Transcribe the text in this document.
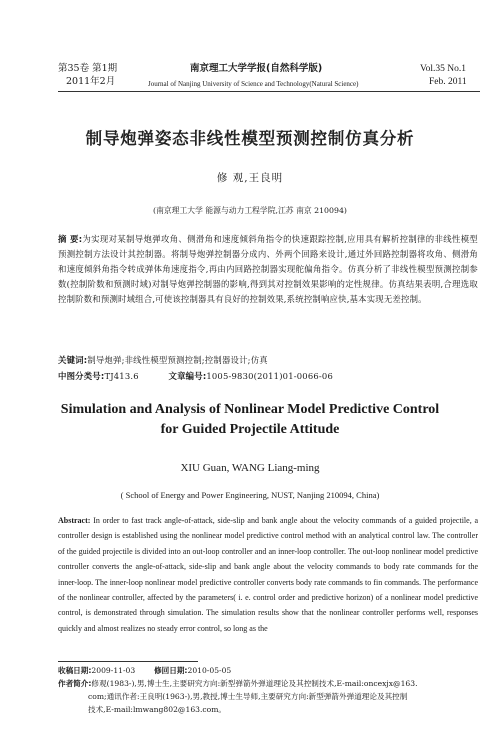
第35卷 第1期
2011年2月
南京理工大学学报(自然科学版)
Journal of Nanjing University of Science and Technology(Natural Science)
Vol.35 No.1
Feb. 2011
制导炮弹姿态非线性模型预测控制仿真分析
修 观,王良明
(南京理工大学 能源与动力工程学院,江苏 南京 210094)
摘 要:为实现对某制导炮弹攻角、侧滑角和速度倾斜角指令的快速跟踪控制,应用具有解析控制律的非线性模型预测控制方法设计其控制器。将制导炮弹控制器分成内、外两个回路来设计,通过外回路控制器将攻角、侧滑角和速度倾斜角指令转成弹体角速度指令,再由内回路控制器实现舵偏角指令。仿真分析了非线性模型预测控制参数(控制阶数和预测时域)对制导炮弹控制器的影响,得到其对控制效果影响的定性规律。仿真结果表明,合理选取控制阶数和预测时域组合,可使该控制器具有良好的控制效果,系统控制响应快,基本实现无差控制。
关键词:制导炮弹;非线性模型预测控制;控制器设计;仿真
中图分类号:TJ413.6	文章编号:1005-9830(2011)01-0066-06
Simulation and Analysis of Nonlinear Model Predictive Control
for Guided Projectile Attitude
XIU Guan, WANG Liang-ming
( School of Energy and Power Engineering, NUST, Nanjing 210094, China)
Abstract: In order to fast track angle-of-attack, side-slip and bank angle about the velocity commands of a guided projectile, a controller design is established using the nonlinear model predictive control method with an analytical control law. The controller of the guided projectile is divided into an out-loop controller and an inner-loop controller. The out-loop nonlinear model predictive controller converts the angle-of-attack, side-slip and bank angle about the velocity commands to body rate commands for the inner-loop. The inner-loop nonlinear model predictive controller converts body rate commands to fin commands. The performance of the nonlinear controller, affected by the parameters( i. e. control order and predictive horizon) of a nonlinear model predictive control, is demonstrated through simulation. The simulation results show that the nonlinear controller performs well, responses quickly and almost realizes no steady error control, so long as the
收稿日期:2009-11-03 修回日期:2010-05-05
作者简介:修观(1983-),男,博士生,主要研究方向:新型弹箭外弹道理论及其控制技术,E-mail:oncexjx@163.
com;通讯作者:王良明(1963-),男,教授,博士生导师,主要研究方向:新型弹箭外弹道理论及其控制
技术,E-mail:lmwang802@163.com。
